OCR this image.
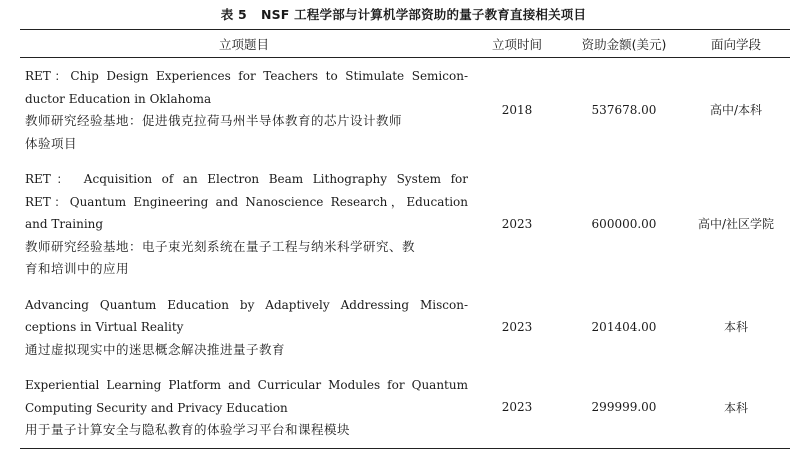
表 5 NSF 工程学部与计算机学部资助的量子教育直接相关项目
立项题目	立项时间	资助金额(美元)	面向学段

RET：Chip Design Experiences for Teachers to Stimulate Semicon-
ductor Education in Oklahoma
教师研究经验基地：促进俄克拉荷马州半导体教育的芯片设计教师
体验项目	2018	537678.00	高中/本科

RET： Acquisition of an Electron Beam Lithography System for
RET：Quantum Engineering and Nanoscience Research，Education
and Training
教师研究经验基地：电子束光刻系统在量子工程与纳米科学研究、教
育和培训中的应用	2023	600000.00	高中/社区学院

Advancing Quantum Education by Adaptively Addressing Miscon-
ceptions in Virtual Reality
通过虚拟现实中的迷思概念解决推进量子教育	2023	201404.00	本科

Experiential Learning Platform and Curricular Modules for Quantum
Computing Security and Privacy Education
用于量子计算安全与隐私教育的体验学习平台和课程模块	2023	299999.00	本科
